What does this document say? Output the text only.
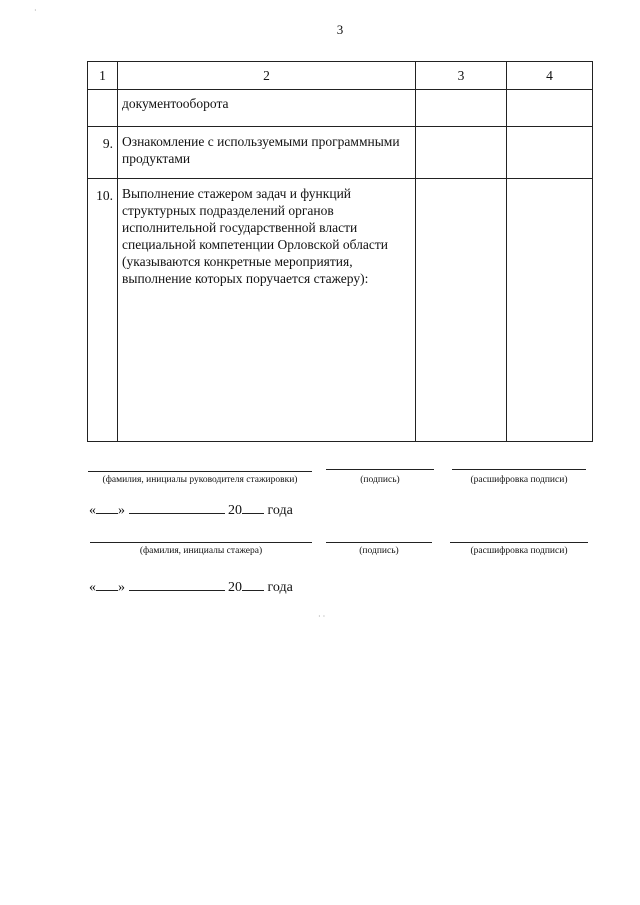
3
1	2	3	4
	документооборота		
9.	Ознакомление с используемыми программными продуктами		
10.	Выполнение стажером задач и функций структурных подразделений органов исполнительной государственной власти специальной компетенции Орловской области (указываются конкретные мероприятия, выполнение которых поручается стажеру):		
(фамилия, инициалы руководителя стажировки)	(подпись)	(расшифровка подписи)
« »	20 года
(фамилия, инициалы стажера)	(подпись)	(расшифровка подписи)
« »	20 года
·
· ·
